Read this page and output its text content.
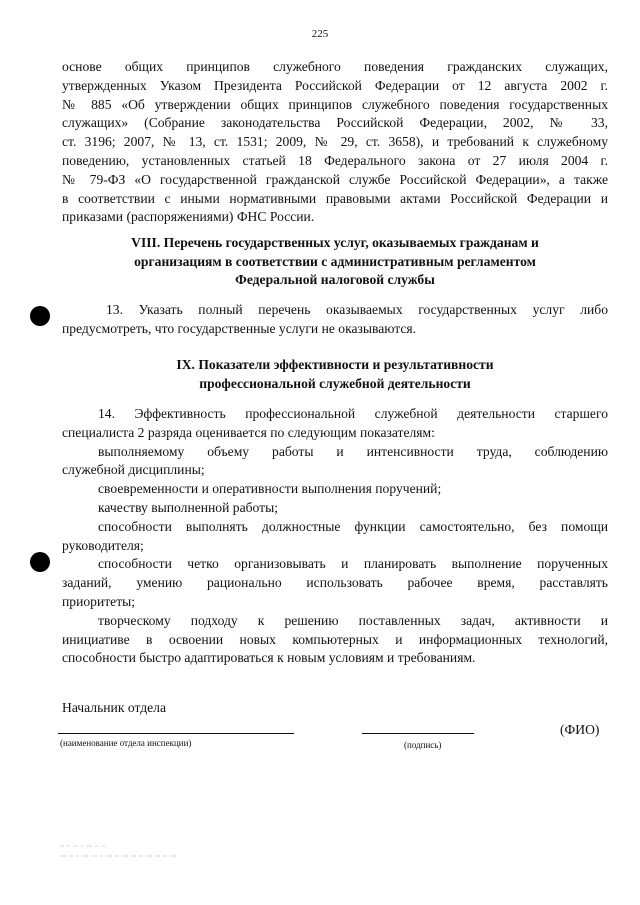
225
основе общих принципов служебного поведения гражданских служащих,
утвержденных Указом Президента Российской Федерации от 12 августа 2002 г.
№ 885 «Об утверждении общих принципов служебного поведения государственных
служащих» (Собрание законодательства Российской Федерации, 2002, № 33,
ст. 3196; 2007, № 13, ст. 1531; 2009, № 29, ст. 3658), и требований к служебному
поведению, установленных статьей 18 Федерального закона от 27 июля 2004 г.
№ 79-ФЗ «О государственной гражданской службе Российской Федерации», а также
в соответствии с иными нормативными правовыми актами Российской Федерации и
приказами (распоряжениями) ФНС России.
VIII. Перечень государственных услуг, оказываемых гражданам и
организациям в соответствии с административным регламентом
Федеральной налоговой службы
13. Указать полный перечень оказываемых государственных услуг либо
предусмотреть, что государственные услуги не оказываются.
IX. Показатели эффективности и результативности
профессиональной служебной деятельности
14. Эффективность профессиональной служебной деятельности старшего
специалиста 2 разряда оценивается по следующим показателям:
выполняемому объему работы и интенсивности труда, соблюдению
служебной дисциплины;
своевременности и оперативности выполнения поручений;
качеству выполненной работы;
способности выполнять должностные функции самостоятельно, без помощи
руководителя;
способности четко организовывать и планировать выполнение порученных
заданий, умению рационально использовать рабочее время, расставлять
приоритеты;
творческому подходу к решению поставленных задач, активности и
инициативе в освоении новых компьютерных и информационных технологий,
способности быстро адаптироваться к новым условиям и требованиям.
Начальник отдела
(наименование отдела инспекции)	(подпись)
(ФИО)
